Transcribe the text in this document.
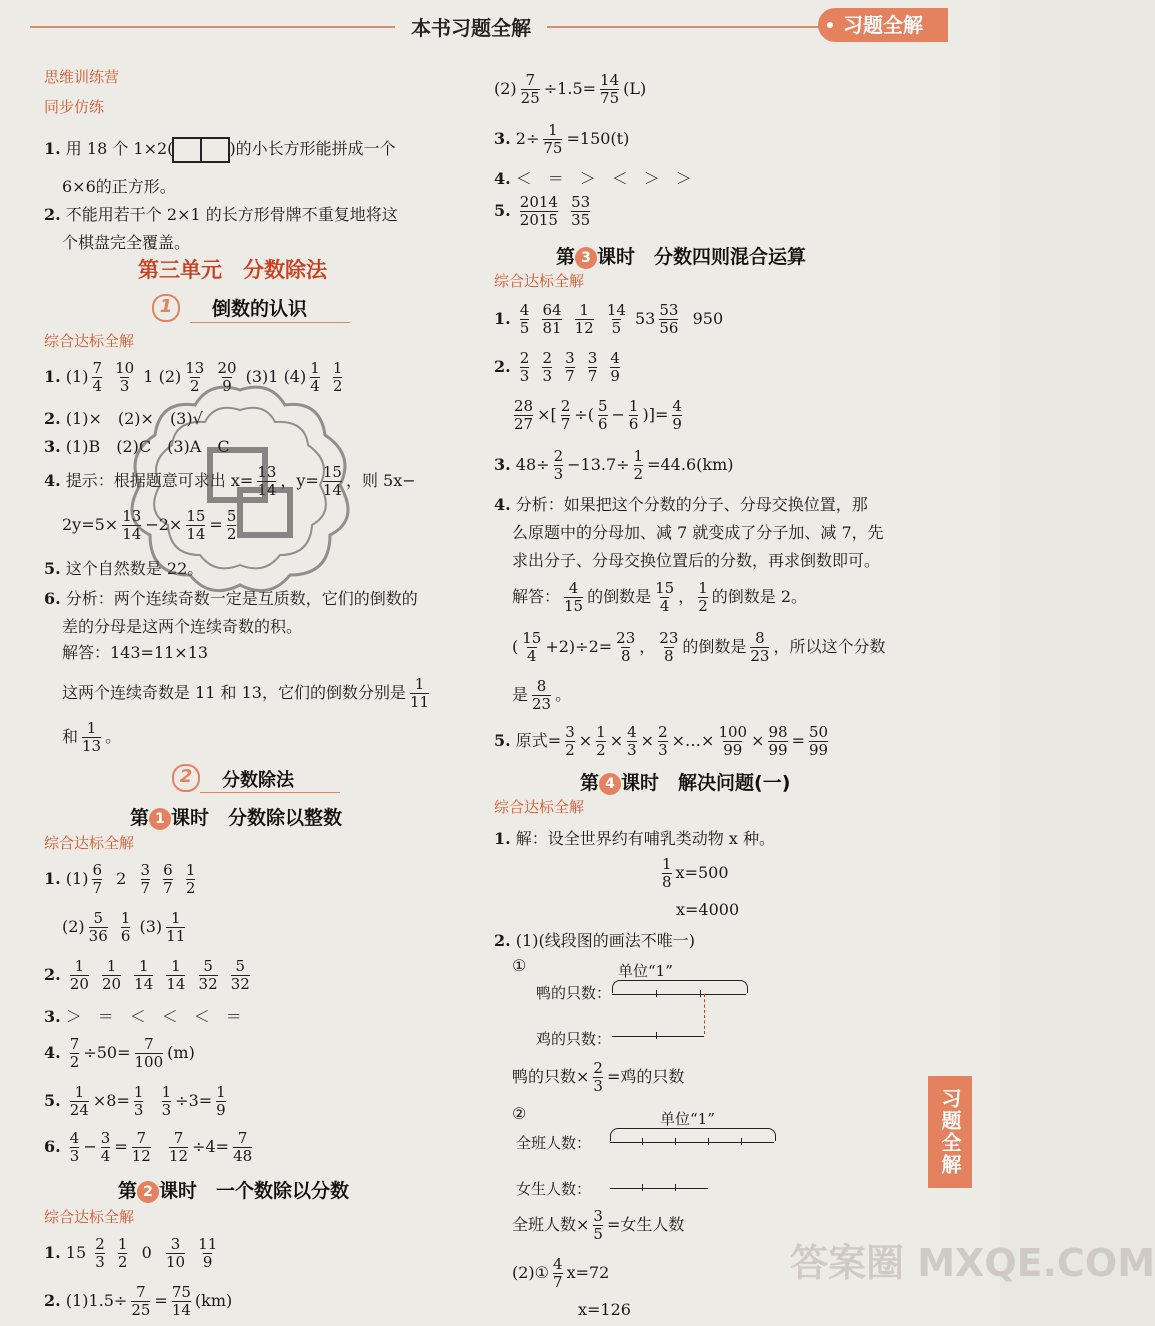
本书习题全解	习题全解
思维训练营
同步仿练
1. 用 18 个 1×2(	)的小长方形能拼成一个
6×6的正方形。
2. 不能用若干个 2×1 的长方形骨牌不重复地将这
个棋盘完全覆盖。
第三单元　分数除法
1	倒数的认识
综合达标全解
1. $(1) \frac{7}{4}$
$\frac{10}{3} 1$ $(2) \frac{13}{2}$
$\frac{20}{9} (3)1$ $(4) \frac{1}{4}$
$\frac{1}{2}$
2. (1)×　(2)×　(3)√
3. (1)B　(2)C　(3)A　C
4. 提示：根据题意可求出 $x= \frac{13}{14}$ ，$y= \frac{15}{14}$ ，则 5x−
$2y=5\times \frac{13}{14} -2\times \frac{15}{14} = \frac{5}{2}$
5. 这个自然数是 22。
6. 分析：两个连续奇数一定是互质数，它们的倒数的
差的分母是这两个连续奇数的积。
解答：143=11×13
这两个连续奇数是 11 和 13，它们的倒数分别是 $\frac{1}{11}$
和 $\frac{1}{13}$ 。
2	分数除法
第 1 课时　分数除以整数
综合达标全解
1. $(1) \frac{6}{7} 2 \frac{3}{7}$
$\frac{6}{7}$
$\frac{1}{2}$
$(2) \frac{5}{36}$
$\frac{1}{6} (3) \frac{1}{11}$
2. $\frac{1}{20}$
$\frac{1}{20}$
$\frac{1}{14}$
$\frac{1}{14}$
$\frac{5}{32}$
$\frac{5}{32}$
3. ＞　＝　＜　＜　＜　＝
4. $\frac{7}{2} \div 50= \frac{7}{100} (m)$
5. $\frac{1}{24} \times 8= \frac{1}{3}$
$\frac{1}{3} \div 3= \frac{1}{9}$
6. $\frac{4}{3} - \frac{3}{4} = \frac{7}{12}$
$\frac{7}{12} \div 4= \frac{7}{48}$
第 2 课时　一个数除以分数
综合达标全解
1. $15 \frac{2}{3}$
$\frac{1}{2} 0 \frac{3}{10}$
$\frac{11}{9}$
2. $(1)1.5\div \frac{7}{25} = \frac{75}{14} (km)$
$(2) \frac{7}{25} \div 1.5= \frac{14}{75} (L)$
3. $2\div \frac{1}{75} =150(t)$
4. ＜　＝　＞　＜　＞　＞
5. $\frac{2014}{2015}$
$\frac{53}{35}$
第 3 课时　分数四则混合运算
综合达标全解
1. $\frac{4}{5}$
$\frac{64}{81}$
$\frac{1}{12}$
$\frac{14}{5} 53 \frac{53}{56} 950$
2. $\frac{2}{3}$
$\frac{2}{3}$
$\frac{3}{7}$
$\frac{3}{7}$
$\frac{4}{9}$
$\frac{28}{27}$ ×[ $\frac{2}{7}$ ÷( $\frac{5}{6} - \frac{1}{6}$ )]= $\frac{4}{9}$
3. $48\div \frac{2}{3} -13.7\div \frac{1}{2} =44.6(km)$
4. 分析：如果把这个分数的分子、分母交换位置，那
么原题中的分母加、减 7 就变成了分子加、减 7，先
求出分子、分母交换位置后的分数，再求倒数即可。
解答： $\frac{4}{15}$ 的倒数是 $\frac{15}{4}$ ， $\frac{1}{2}$ 的倒数是 2。
( $\frac{15}{4} +2)\div 2= \frac{23}{8}$ ， $\frac{23}{8}$ 的倒数是 $\frac{8}{23}$ ，所以这个分数
是 $\frac{8}{23}$ 。
5. 原式= $\frac{3}{2} \times \frac{1}{2} \times \frac{4}{3} \times \frac{2}{3}$ ×…× $\frac{100}{99} \times \frac{98}{99} = \frac{50}{99}$
第 4 课时　解决问题(一)
综合达标全解
1. 解：设全世界约有哺乳类动物 x 种。
$\frac{1}{8} x=500$
x=4000
2. (1)(线段图的画法不唯一)
①	单位“1”
鸭的只数：
鸡的只数：
鸭的只数× $\frac{2}{3}$ =鸡的只数
②	单位“1”
全班人数：
女生人数：
全班人数× $\frac{3}{5}$ =女生人数
(2)① $\frac{4}{7} x=72$
x=126
习题全解
答案圈 MXQE.COM
